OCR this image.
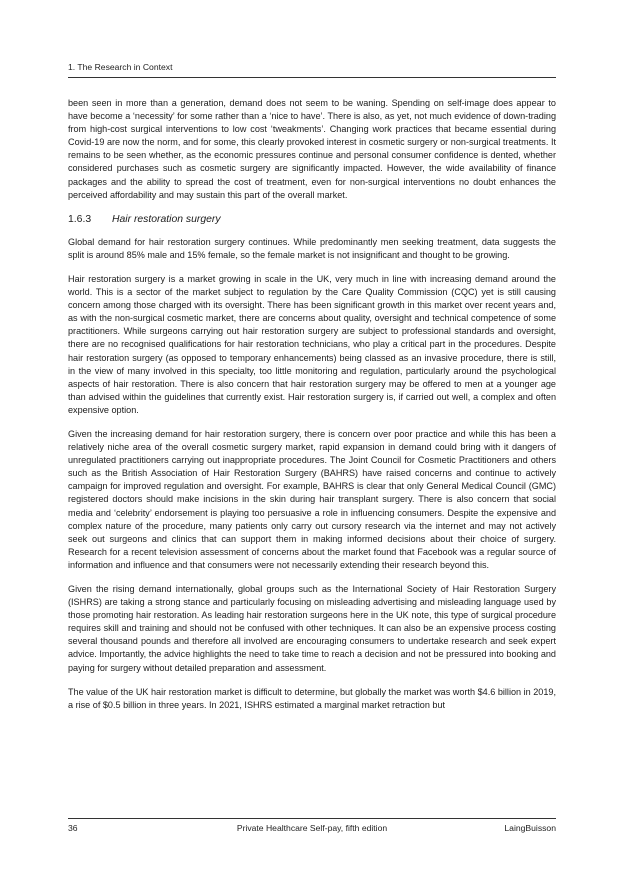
1. The Research in Context

been seen in more than a generation, demand does not seem to be waning. Spending on self-image does appear to have become a ‘necessity’ for some rather than a ‘nice to have’. There is also, as yet, not much evidence of down-trading from high-cost surgical interventions to low cost ‘tweakments’. Changing work practices that became essential during Covid-19 are now the norm, and for some, this clearly provoked interest in cosmetic surgery or non-surgical treatments. It remains to be seen whether, as the economic pressures continue and personal consumer confidence is dented, whether considered purchases such as cosmetic surgery are significantly impacted. However, the wide availability of finance packages and the ability to spread the cost of treatment, even for non-surgical interventions no doubt enhances the perceived affordability and may sustain this part of the overall market.

1.6.3 Hair restoration surgery

Global demand for hair restoration surgery continues. While predominantly men seeking treatment, data suggests the split is around 85% male and 15% female, so the female market is not insignificant and thought to be growing.

Hair restoration surgery is a market growing in scale in the UK, very much in line with increasing demand around the world. This is a sector of the market subject to regulation by the Care Quality Commission (CQC) yet is still causing concern among those charged with its oversight. There has been significant growth in this market over recent years and, as with the non-surgical cosmetic market, there are concerns about quality, oversight and technical competence of some practitioners. While surgeons carrying out hair restoration surgery are subject to professional standards and oversight, there are no recognised qualifications for hair restoration technicians, who play a critical part in the procedures. Despite hair restoration surgery (as opposed to temporary enhancements) being classed as an invasive procedure, there is still, in the view of many involved in this specialty, too little monitoring and regulation, particularly around the psychological aspects of hair restoration. There is also concern that hair restoration surgery may be offered to men at a younger age than advised within the guidelines that currently exist. Hair restoration surgery is, if carried out well, a complex and often expensive option.

Given the increasing demand for hair restoration surgery, there is concern over poor practice and while this has been a relatively niche area of the overall cosmetic surgery market, rapid expansion in demand could bring with it dangers of unregulated practitioners carrying out inappropriate procedures. The Joint Council for Cosmetic Practitioners and others such as the British Association of Hair Restoration Surgery (BAHRS) have raised concerns and continue to actively campaign for improved regulation and oversight. For example, BAHRS is clear that only General Medical Council (GMC) registered doctors should make incisions in the skin during hair transplant surgery. There is also concern that social media and ‘celebrity’ endorsement is playing too persuasive a role in influencing consumers. Despite the expensive and complex nature of the procedure, many patients only carry out cursory research via the internet and may not actively seek out surgeons and clinics that can support them in making informed decisions about their choice of surgery. Research for a recent television assessment of concerns about the market found that Facebook was a regular source of information and influence and that consumers were not necessarily extending their research beyond this.

Given the rising demand internationally, global groups such as the International Society of Hair Restoration Surgery (ISHRS) are taking a strong stance and particularly focusing on misleading advertising and misleading language used by those promoting hair restoration. As leading hair restoration surgeons here in the UK note, this type of surgical procedure requires skill and training and should not be confused with other techniques. It can also be an expensive process costing several thousand pounds and therefore all involved are encouraging consumers to undertake research and seek expert advice. Importantly, the advice highlights the need to take time to reach a decision and not be pressured into booking and paying for surgery without detailed preparation and assessment.

The value of the UK hair restoration market is difficult to determine, but globally the market was worth $4.6 billion in 2019, a rise of $0.5 billion in three years. In 2021, ISHRS estimated a marginal market retraction but

36	Private Healthcare Self-pay, fifth edition	LaingBuisson
